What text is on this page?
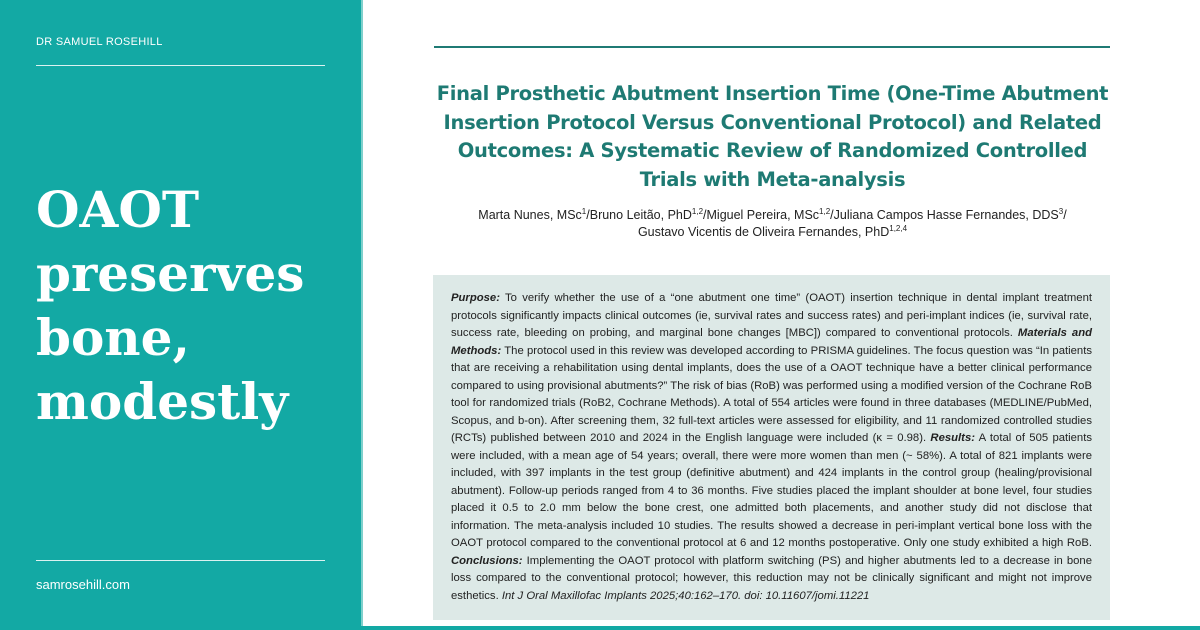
DR SAMUEL ROSEHILL
OAOT
preserves
bone,
modestly
samrosehill.com
Final Prosthetic Abutment Insertion Time (One-Time Abutment
Insertion Protocol Versus Conventional Protocol) and Related
Outcomes: A Systematic Review of Randomized Controlled
Trials with Meta-analysis
Marta Nunes, MSc$^1$/Bruno Leitão, PhD$^{1,2}$/Miguel Pereira, MSc$^{1,2}$/Juliana Campos Hasse Fernandes, DDS$^3$/
Gustavo Vicentis de Oliveira Fernandes, PhD$^{1,2,4}$
Purpose: To verify whether the use of a “one abutment one time” (OAOT) insertion technique in dental implant treatment protocols significantly impacts clinical outcomes (ie, survival rates and success rates) and peri-implant indices (ie, survival rate, success rate, bleeding on probing, and marginal bone changes [MBC]) compared to conventional protocols. Materials and Methods: The protocol used in this review was developed according to PRISMA guidelines. The focus question was “In patients that are receiving a rehabilitation using dental implants, does the use of a OAOT technique have a better clinical performance compared to using provisional abutments?” The risk of bias (RoB) was performed using a modified version of the Cochrane RoB tool for randomized trials (RoB2, Cochrane Methods). A total of 554 articles were found in three databases (MEDLINE/PubMed, Scopus, and b-on). After screening them, 32 full-text articles were assessed for eligibility, and 11 randomized controlled studies (RCTs) published between 2010 and 2024 in the English language were included (κ = 0.98). Results: A total of 505 patients were included, with a mean age of 54 years; overall, there were more women than men (~ 58%). A total of 821 implants were included, with 397 implants in the test group (definitive abutment) and 424 implants in the control group (healing/provisional abutment). Follow-up periods ranged from 4 to 36 months. Five studies placed the implant shoulder at bone level, four studies placed it 0.5 to 2.0 mm below the bone crest, one admitted both placements, and another study did not disclose that information. The meta-analysis included 10 studies. The results showed a decrease in peri-implant vertical bone loss with the OAOT protocol compared to the conventional protocol at 6 and 12 months postoperative. Only one study exhibited a high RoB. Conclusions: Implementing the OAOT protocol with platform switching (PS) and higher abutments led to a decrease in bone loss compared to the conventional protocol; however, this reduction may not be clinically significant and might not improve esthetics. Int J Oral Maxillofac Implants 2025;40:162–170. doi: 10.11607/jomi.11221
